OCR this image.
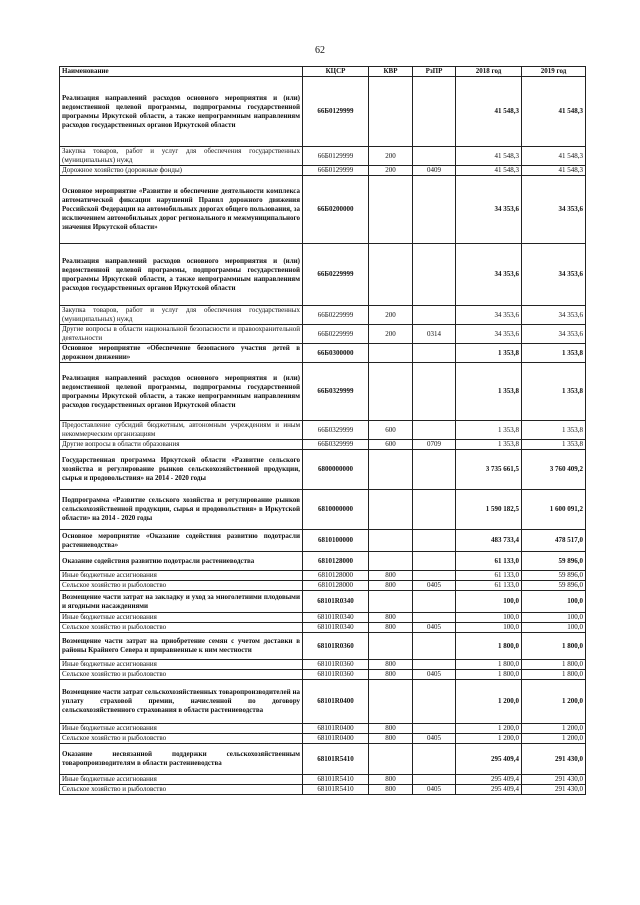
62
Наименование	КЦСР	КВР	РзПР	2018 год	2019 год
Реализация направлений расходов основного мероприятия и (или) ведомственной целевой программы, подпрограммы государственной программы Иркутской области, а также непрограммным направлениям расходов государственных органов Иркутской области	66Б0129999			41 548,3	41 548,3
Закупка товаров, работ и услуг для обеспечения государственных (муниципальных) нужд	66Б0129999	200		41 548,3	41 548,3
Дорожное хозяйство (дорожные фонды)	66Б0129999	200	0409	41 548,3	41 548,3
Основное мероприятие «Развитие и обеспечение деятельности комплекса автоматической фиксации нарушений Правил дорожного движения Российской Федерации на автомобильных дорогах общего пользования, за исключением автомобильных дорог регионального и межмуниципального значения Иркутской области»	66Б0200000			34 353,6	34 353,6
Реализация направлений расходов основного мероприятия и (или) ведомственной целевой программы, подпрограммы государственной программы Иркутской области, а также непрограммным направлениям расходов государственных органов Иркутской области	66Б0229999			34 353,6	34 353,6
Закупка товаров, работ и услуг для обеспечения государственных (муниципальных) нужд	66Б0229999	200		34 353,6	34 353,6
Другие вопросы в области национальной безопасности и правоохранительной деятельности	66Б0229999	200	0314	34 353,6	34 353,6
Основное мероприятие «Обеспечение безопасного участия детей в дорожном движении»	66Б0300000			1 353,8	1 353,8
Реализация направлений расходов основного мероприятия и (или) ведомственной целевой программы, подпрограммы государственной программы Иркутской области, а также непрограммным направлениям расходов государственных органов Иркутской области	66Б0329999			1 353,8	1 353,8
Предоставление субсидий бюджетным, автономным учреждениям и иным некоммерческим организациям	66Б0329999	600		1 353,8	1 353,8
Другие вопросы в области образования	66Б0329999	600	0709	1 353,8	1 353,8
Государственная программа Иркутской области «Развитие сельского хозяйства и регулирование рынков сельскохозяйственной продукции, сырья и продовольствия» на 2014 - 2020 годы	6800000000			3 735 661,5	3 760 409,2
Подпрограмма «Развитие сельского хозяйства и регулирование рынков сельскохозяйственной продукции, сырья и продовольствия» в Иркутской области» на 2014 - 2020 годы	6810000000			1 590 182,5	1 600 091,2
Основное мероприятие «Оказание содействия развитию подотрасли растениеводства»	6810100000			483 733,4	478 517,0
Оказание содействия развитию подотрасли растениеводства	6810128000			61 133,0	59 896,0
Иные бюджетные ассигнования	6810128000	800		61 133,0	59 896,0
Сельское хозяйство и рыболовство	6810128000	800	0405	61 133,0	59 896,0
Возмещение части затрат на закладку и уход за многолетними плодовыми и ягодными насаждениями	68101R0340			100,0	100,0
Иные бюджетные ассигнования	68101R0340	800		100,0	100,0
Сельское хозяйство и рыболовство	68101R0340	800	0405	100,0	100,0
Возмещение части затрат на приобретение семян с учетом доставки в районы Крайнего Севера и приравненные к ним местности	68101R0360			1 800,0	1 800,0
Иные бюджетные ассигнования	68101R0360	800		1 800,0	1 800,0
Сельское хозяйство и рыболовство	68101R0360	800	0405	1 800,0	1 800,0
Возмещение части затрат сельскохозяйственных товаропроизводителей на уплату страховой премии, начисленной по договору сельскохозяйственного страхования в области растениеводства	68101R0400			1 200,0	1 200,0
Иные бюджетные ассигнования	68101R0400	800		1 200,0	1 200,0
Сельское хозяйство и рыболовство	68101R0400	800	0405	1 200,0	1 200,0
Оказание несвязанной поддержки сельскохозяйственным товаропроизводителям в области растениеводства	68101R5410			295 409,4	291 430,0
Иные бюджетные ассигнования	68101R5410	800		295 409,4	291 430,0
Сельское хозяйство и рыболовство	68101R5410	800	0405	295 409,4	291 430,0
